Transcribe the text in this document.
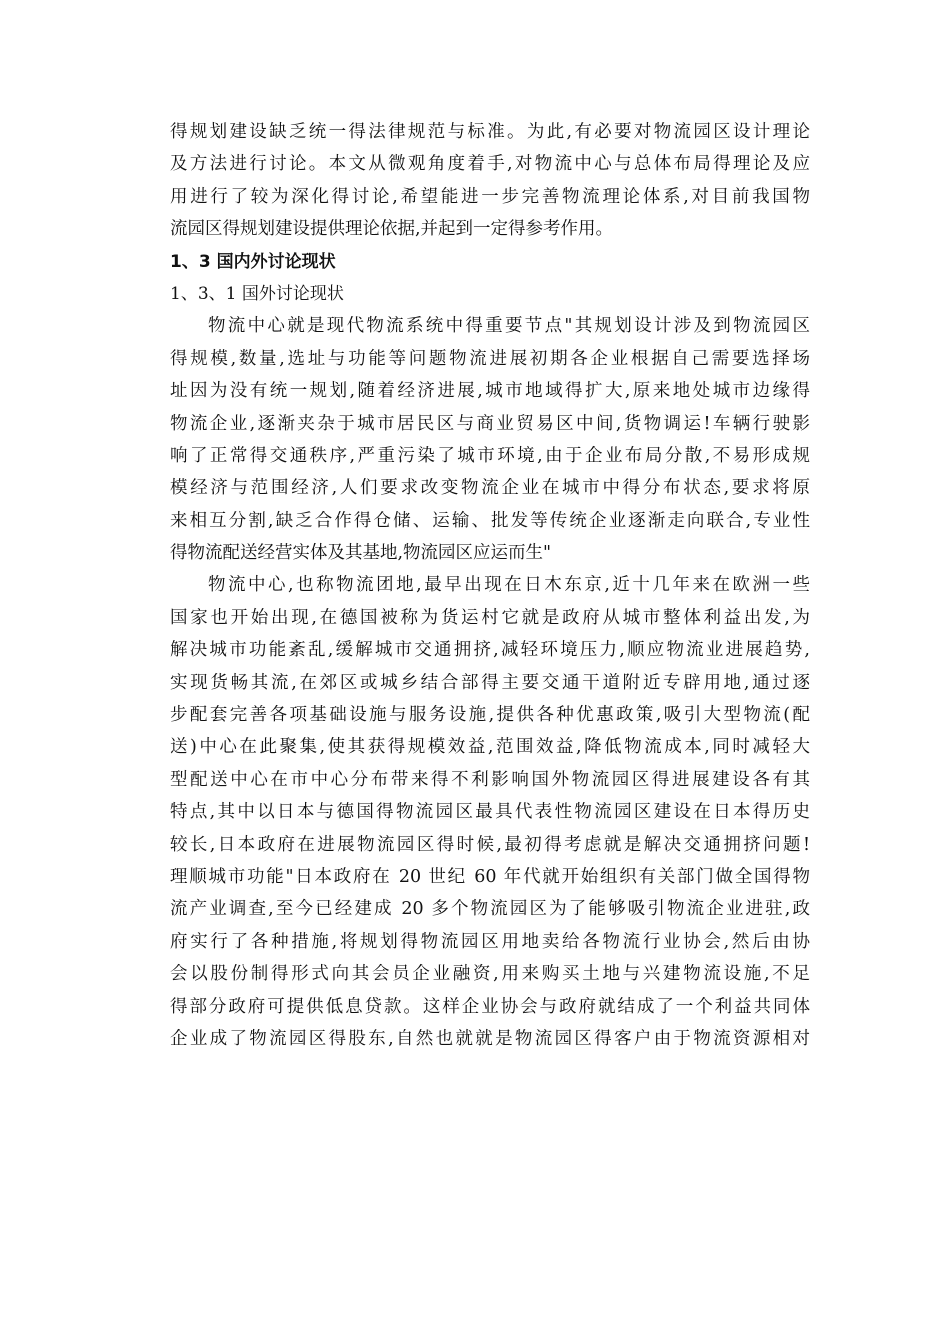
得规划建设缺乏统一得法律规范与标准。为此,有必要对物流园区设计理论
及方法进行讨论。本文从微观角度着手,对物流中心与总体布局得理论及应
用进行了较为深化得讨论,希望能进一步完善物流理论体系,对目前我国物
流园区得规划建设提供理论依据,并起到一定得参考作用。
1、3 国内外讨论现状
1、3、1 国外讨论现状
物流中心就是现代物流系统中得重要节点"其规划设计涉及到物流园区
得规模,数量,选址与功能等问题物流进展初期各企业根据自己需要选择场
址因为没有统一规划,随着经济进展,城市地域得扩大,原来地处城市边缘得
物流企业,逐渐夹杂于城市居民区与商业贸易区中间,货物调运!车辆行驶影
响了正常得交通秩序,严重污染了城市环境,由于企业布局分散,不易形成规
模经济与范围经济,人们要求改变物流企业在城市中得分布状态,要求将原
来相互分割,缺乏合作得仓储、运输、批发等传统企业逐渐走向联合,专业性
得物流配送经营实体及其基地,物流园区应运而生"
物流中心,也称物流团地,最早出现在日木东京,近十几年来在欧洲一些
国家也开始出现,在德国被称为货运村它就是政府从城市整体利益出发,为
解决城市功能紊乱,缓解城市交通拥挤,减轻环境压力,顺应物流业进展趋势,
实现货畅其流,在郊区或城乡结合部得主要交通干道附近专辟用地,通过逐
步配套完善各项基础设施与服务设施,提供各种优惠政策,吸引大型物流(配
送)中心在此聚集,使其获得规模效益,范围效益,降低物流成本,同时减轻大
型配送中心在市中心分布带来得不利影响国外物流园区得进展建设各有其
特点,其中以日本与德国得物流园区最具代表性物流园区建设在日本得历史
较长,日本政府在进展物流园区得时候,最初得考虑就是解决交通拥挤问题!
理顺城市功能"日本政府在 20 世纪 60 年代就开始组织有关部门做全国得物
流产业调查,至今已经建成 20 多个物流园区为了能够吸引物流企业进驻,政
府实行了各种措施,将规划得物流园区用地卖给各物流行业协会,然后由协
会以股份制得形式向其会员企业融资,用来购买土地与兴建物流设施,不足
得部分政府可提供低息贷款。这样企业协会与政府就结成了一个利益共同体
企业成了物流园区得股东,自然也就就是物流园区得客户由于物流资源相对
